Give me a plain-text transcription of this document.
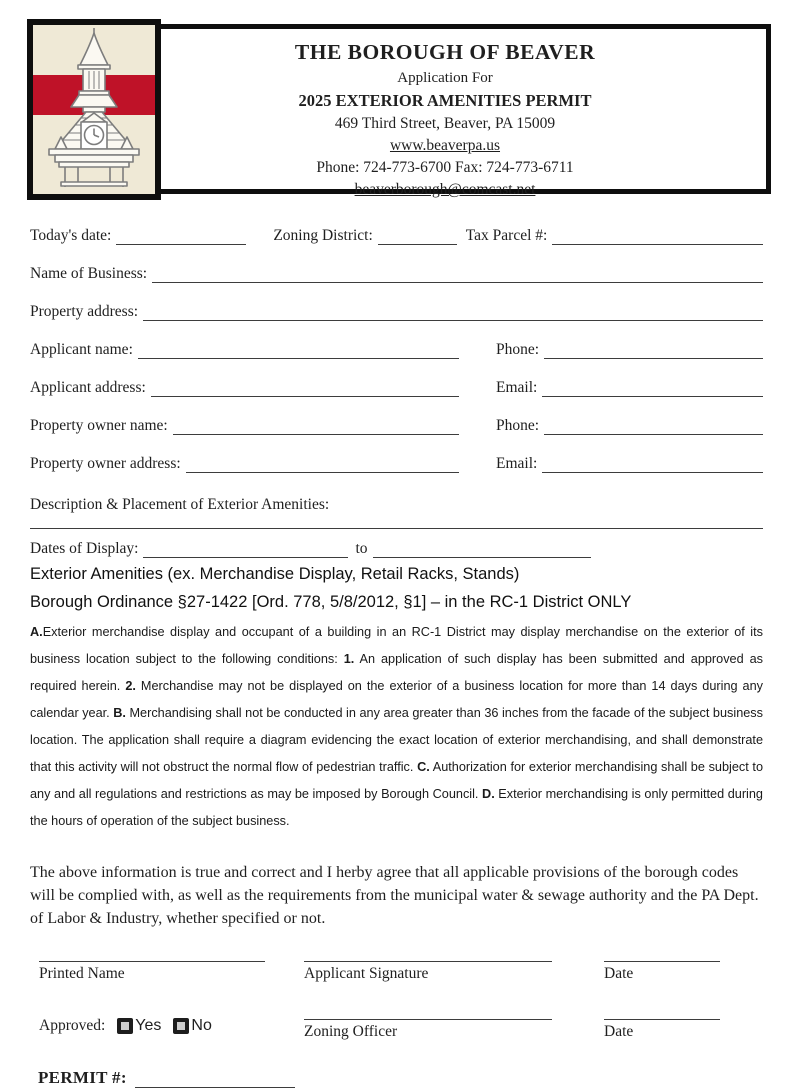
THE BOROUGH OF BEAVER
Application For
2025 EXTERIOR AMENITIES PERMIT
469 Third Street, Beaver, PA 15009
www.beaverpa.us
Phone: 724-773-6700 Fax: 724-773-6711
beaverborough@comcast.net
Today's date:	Zoning District:	Tax Parcel #:
Name of Business:
Property address:
Applicant name:	Phone:
Applicant address:	Email:
Property owner name:	Phone:
Property owner address:	Email:
Description & Placement of Exterior Amenities:
Dates of Display:	to
Exterior Amenities (ex. Merchandise Display, Retail Racks, Stands)
Borough Ordinance §27-1422 [Ord. 778, 5/8/2012, §1] – in the RC-1 District ONLY
A.Exterior merchandise display and occupant of a building in an RC-1 District may display merchandise on the exterior of its business location subject to the following conditions: 1. An application of such display has been submitted and approved as required herein. 2. Merchandise may not be displayed on the exterior of a business location for more than 14 days during any calendar year. B. Merchandising shall not be conducted in any area greater than 36 inches from the facade of the subject business location. The application shall require a diagram evidencing the exact location of exterior merchandising, and shall demonstrate that this activity will not obstruct the normal flow of pedestrian traffic. C. Authorization for exterior merchandising shall be subject to any and all regulations and restrictions as may be imposed by Borough Council. D. Exterior merchandising is only permitted during the hours of operation of the subject business.
The above information is true and correct and I herby agree that all applicable provisions of the borough codes will be complied with, as well as the requirements from the municipal water & sewage authority and the PA Dept. of Labor & Industry, whether specified or not.
Printed Name	Applicant Signature	Date
Approved: Yes No	Zoning Officer	Date
PERMIT #:
